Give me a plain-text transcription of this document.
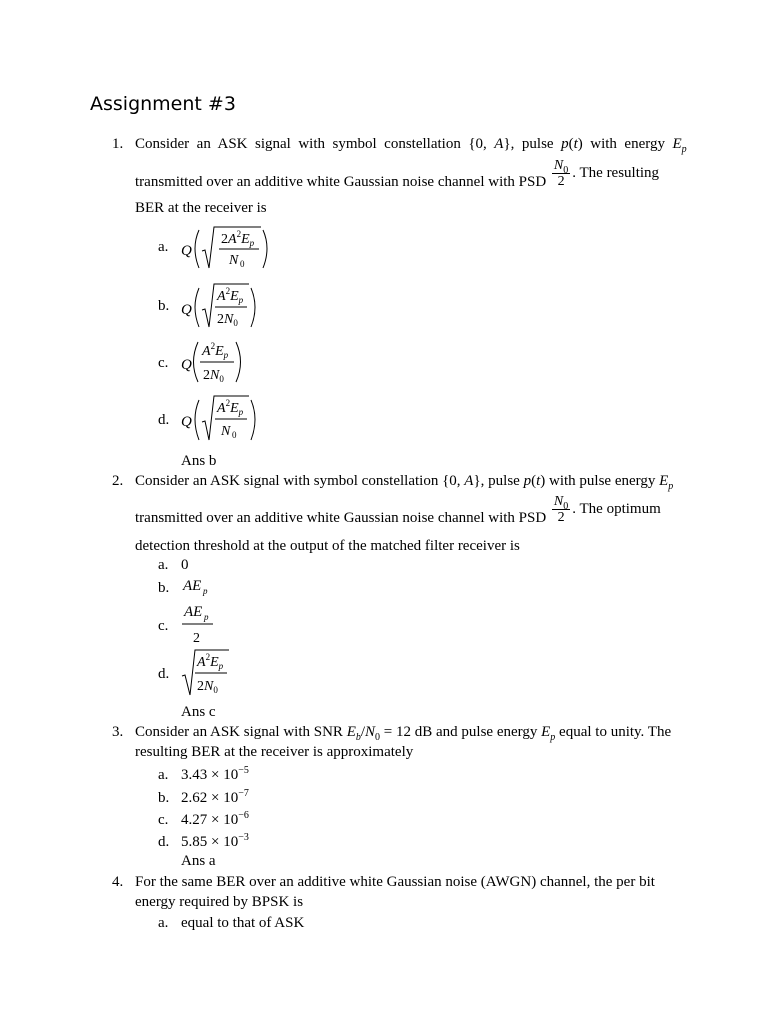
Assignment #3
1. Consider  an  ASK  signal  with  symbol  constellation  {0,  A},  pulse  p(t)  with  energy  $E_p$
transmitted over an additive white Gaussian noise channel with PSD $\frac{N_0}{2}$ . The resulting
BER at the receiver is
a. Q
$2A^2E_p$
N 0
b. Q
$A^2E_p$
$2N_0$
c. Q
$A^2E_p$
$2N_0$
d. Q
$A^2E_p$
N 0
Ans b
2. Consider an ASK signal with symbol constellation {0, A}, pulse p(t) with pulse energy $E_p$
transmitted over an additive white Gaussian noise channel with PSD $\frac{N_0}{2}$ . The optimum
detection threshold at the output of the matched filter receiver is
a. 0
b. AE p
c.
AE p
2
d.
$A^2E_p$
$2N_0$
Ans c
3. Consider an ASK signal with SNR $E_b/N_0 = 12$ dB and pulse energy $E_p$ equal to unity. The
resulting BER at the receiver is approximately
a. $3.43 \times 10^{-5}$
b. $2.62 \times 10^{-7}$
c. $4.27 \times 10^{-6}$
d. $5.85 \times 10^{-3}$
Ans a
4. For the same BER over an additive white Gaussian noise (AWGN) channel, the per bit
energy required by BPSK is
a. equal to that of ASK
